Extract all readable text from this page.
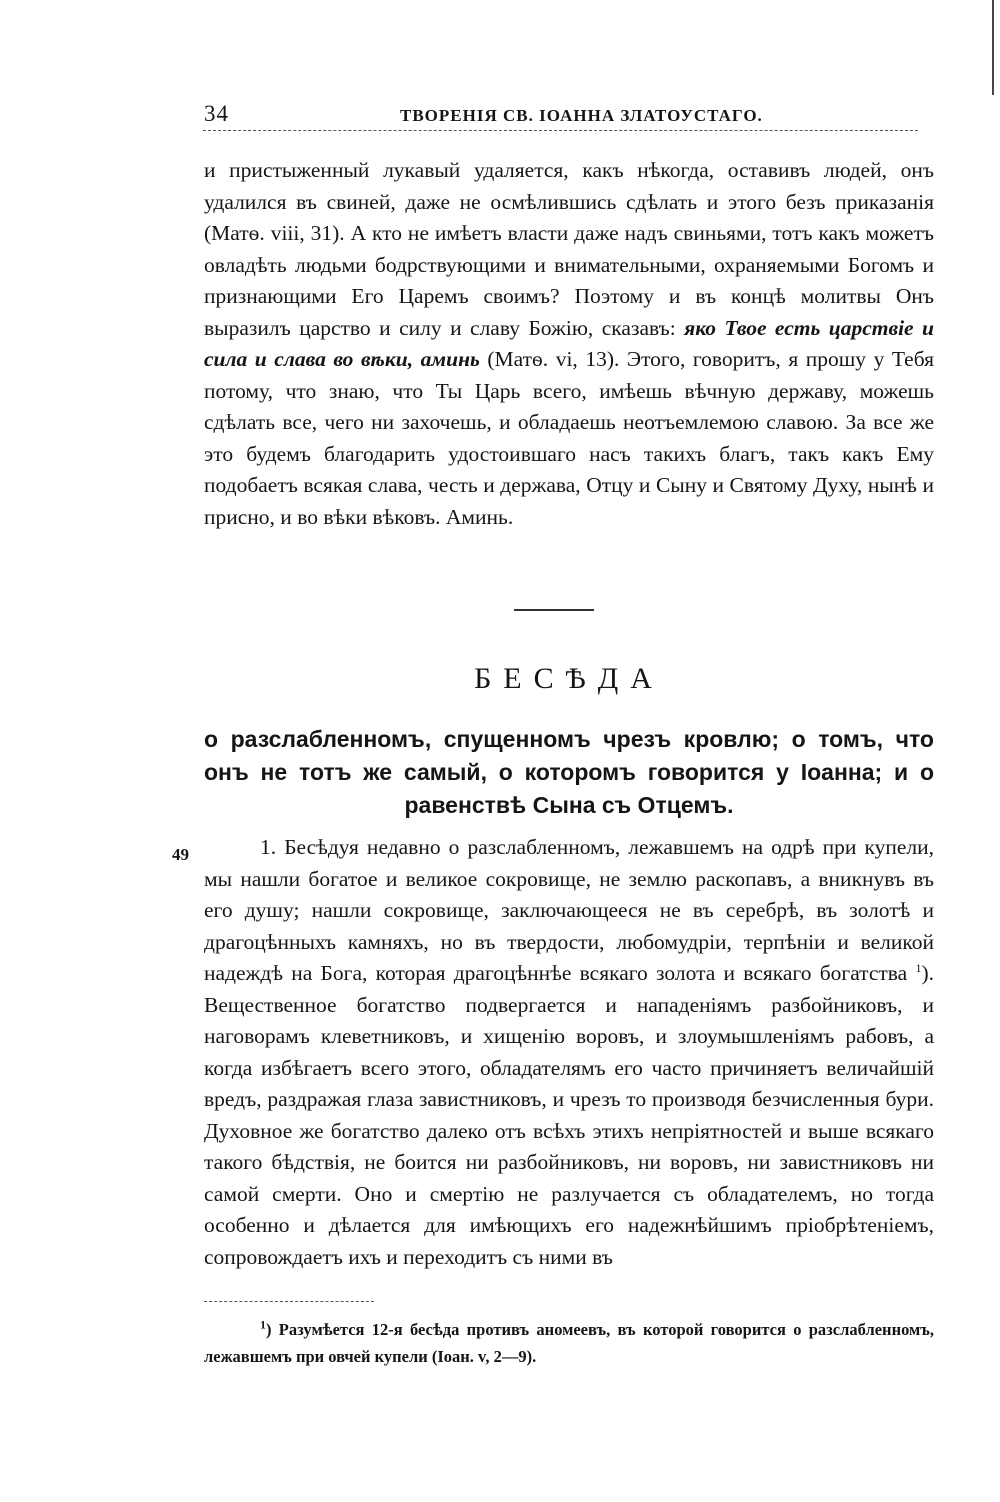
34	ТВОРЕНІЯ СВ. ІОАННА ЗЛАТОУСТАГО.

и пристыженный лукавый удаляется, какъ нѣкогда, оставивъ людей, онъ удалился въ свиней, даже не осмѣлившись сдѣлать и этого безъ приказанія (Матѳ. viii, 31). А кто не имѣетъ власти даже надъ свиньями, тотъ какъ можетъ овладѣть людьми бодрствующими и внимательными, охраняемыми Богомъ и признающими Его Царемъ своимъ? Поэтому и въ концѣ молитвы Онъ выразилъ царство и силу и славу Божію, сказавъ: яко Твое есть царствіе и сила и слава во вѣки, аминь (Матѳ. vi, 13). Этого, говоритъ, я прошу у Тебя потому, что знаю, что Ты Царь всего, имѣешь вѣчную державу, можешь сдѣлать все, чего ни захочешь, и обладаешь неотъемлемою славою. За все же это будемъ благодарить удостоившаго насъ такихъ благъ, такъ какъ Ему подобаетъ всякая слава, честь и держава, Отцу и Сыну и Святому Духу, нынѣ и присно, и во вѣки вѣковъ. Аминь.

БЕСѢДА
о разслабленномъ, спущенномъ чрезъ кровлю; о томъ, что онъ не тотъ же самый, о которомъ говорится у Іоанна; и о равенствѣ Сына съ Отцемъ.
49	1. Бесѣдуя недавно о разслабленномъ, лежавшемъ на одрѣ при купели, мы нашли богатое и великое сокровище, не землю раскопавъ, а вникнувъ въ его душу; нашли сокровище, заключающееся не въ серебрѣ, въ золотѣ и драгоцѣнныхъ камняхъ, но въ твердости, любомудріи, терпѣніи и великой надеждѣ на Бога, которая драгоцѣннѣе всякаго золота и всякаго богатства $^1$). Вещественное богатство подвергается и нападеніямъ разбойниковъ, и наговорамъ клеветниковъ, и хищенію воровъ, и злоумышленіямъ рабовъ, а когда избѣгаетъ всего этого, обладателямъ его часто причиняетъ величайшій вредъ, раздражая глаза завистниковъ, и чрезъ то производя безчисленныя бури. Духовное же богатство далеко отъ всѣхъ этихъ непріятностей и выше всякаго такого бѣдствія, не боится ни разбойниковъ, ни воровъ, ни завистниковъ ни самой смерти. Оно и смертію не разлучается съ обладателемъ, но тогда особенно и дѣлается для имѣющихъ его надежнѣйшимъ пріобрѣтеніемъ, сопровождаетъ ихъ и переходитъ съ ними въ

$^1$) Разумѣется 12-я бесѣда противъ аномеевъ, въ которой говорится о разслабленномъ, лежавшемъ при овчей купели (Іоан. v, 2—9).
